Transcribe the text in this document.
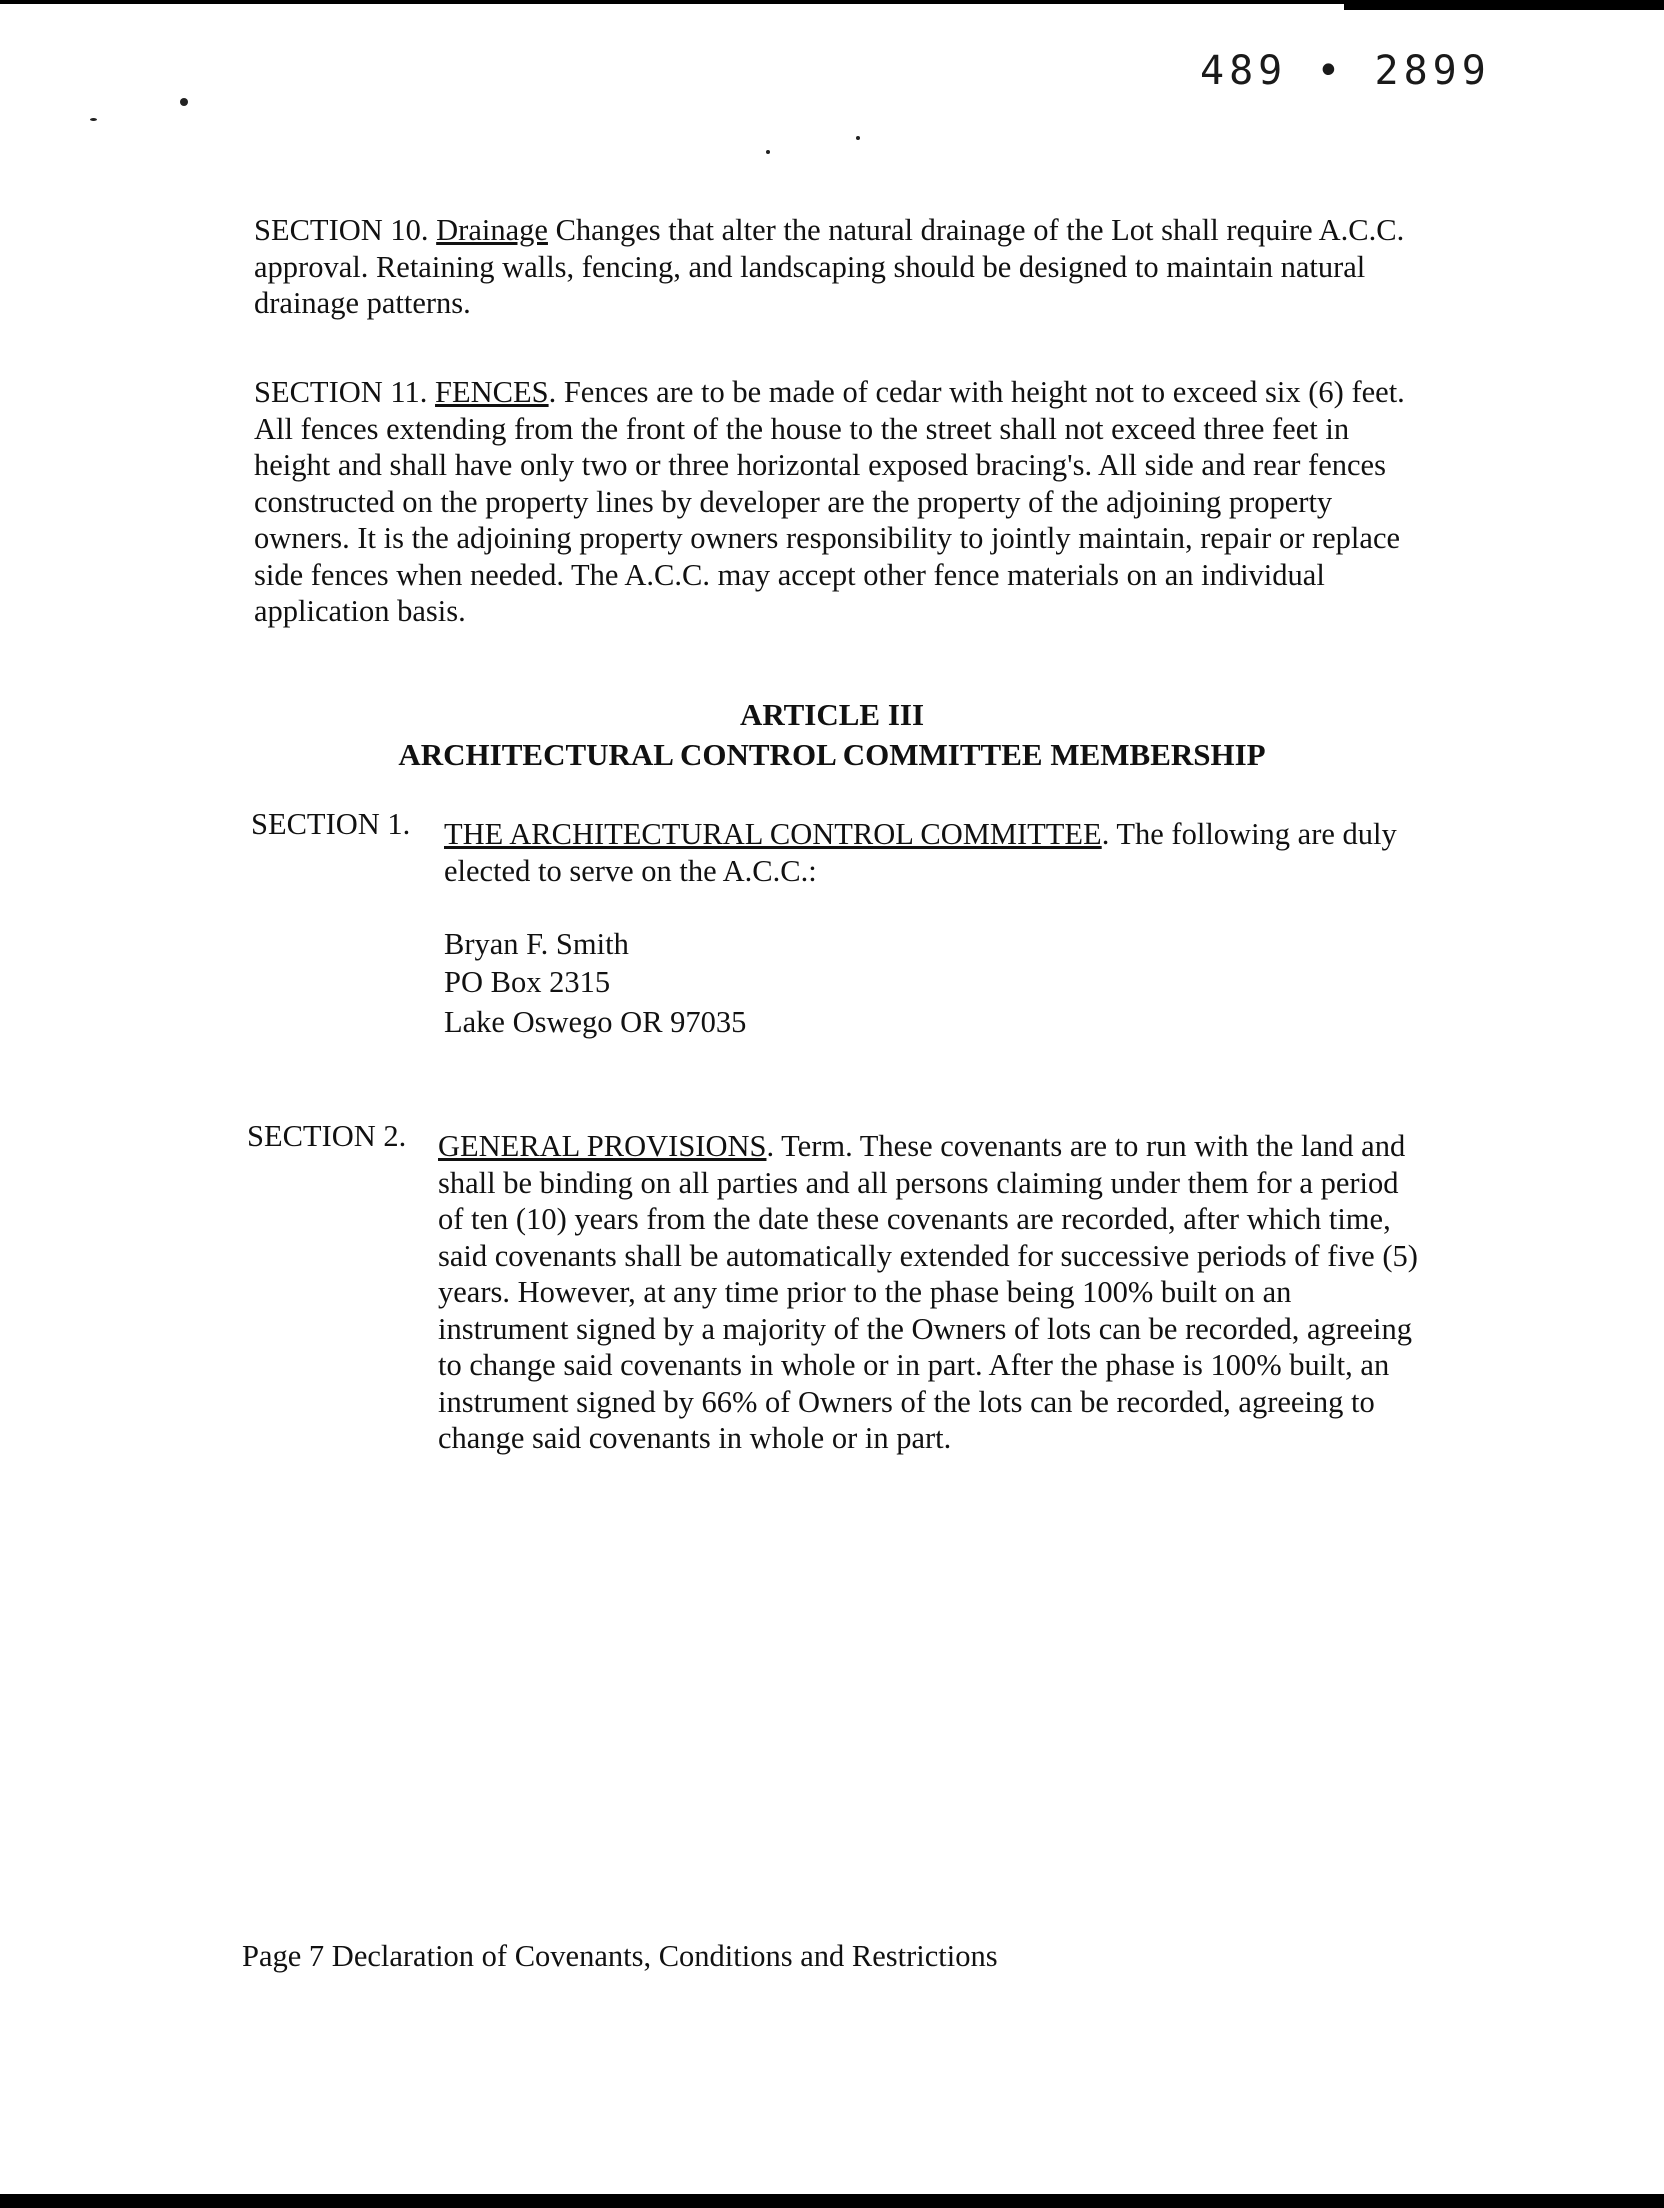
489 • 2899

SECTION 10. Drainage Changes that alter the natural drainage of the Lot shall require A.C.C. approval. Retaining walls, fencing, and landscaping should be designed to maintain natural drainage patterns.

SECTION 11. FENCES. Fences are to be made of cedar with height not to exceed six (6) feet. All fences extending from the front of the house to the street shall not exceed three feet in height and shall have only two or three horizontal exposed bracing's. All side and rear fences constructed on the property lines by developer are the property of the adjoining property owners. It is the adjoining property owners responsibility to jointly maintain, repair or replace side fences when needed. The A.C.C. may accept other fence materials on an individual application basis.

ARTICLE III
ARCHITECTURAL CONTROL COMMITTEE MEMBERSHIP
SECTION 1. THE ARCHITECTURAL CONTROL COMMITTEE. The following are duly elected to serve on the A.C.C.:

Bryan F. Smith
PO Box 2315
Lake Oswego OR 97035
SECTION 2. GENERAL PROVISIONS. Term. These covenants are to run with the land and shall be binding on all parties and all persons claiming under them for a period of ten (10) years from the date these covenants are recorded, after which time, said covenants shall be automatically extended for successive periods of five (5) years. However, at any time prior to the phase being 100% built on an instrument signed by a majority of the Owners of lots can be recorded, agreeing to change said covenants in whole or in part. After the phase is 100% built, an instrument signed by 66% of Owners of the lots can be recorded, agreeing to change said covenants in whole or in part.

Page 7 Declaration of Covenants, Conditions and Restrictions
